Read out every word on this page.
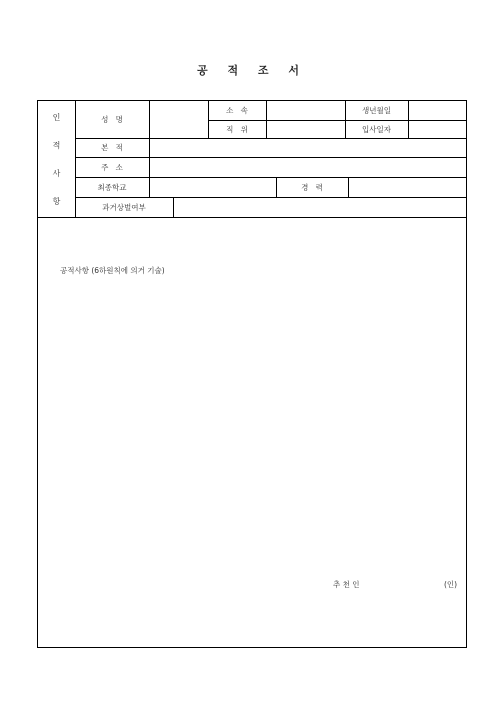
공 적 조 서
인
적
사
항
성   명
소   속	생년월일
직   위	입사일자
본   적
주   소
최종학교	경   력
과거상벌여부
공적사항 (6하원칙에 의거 기술)
추 천 인	(인)
